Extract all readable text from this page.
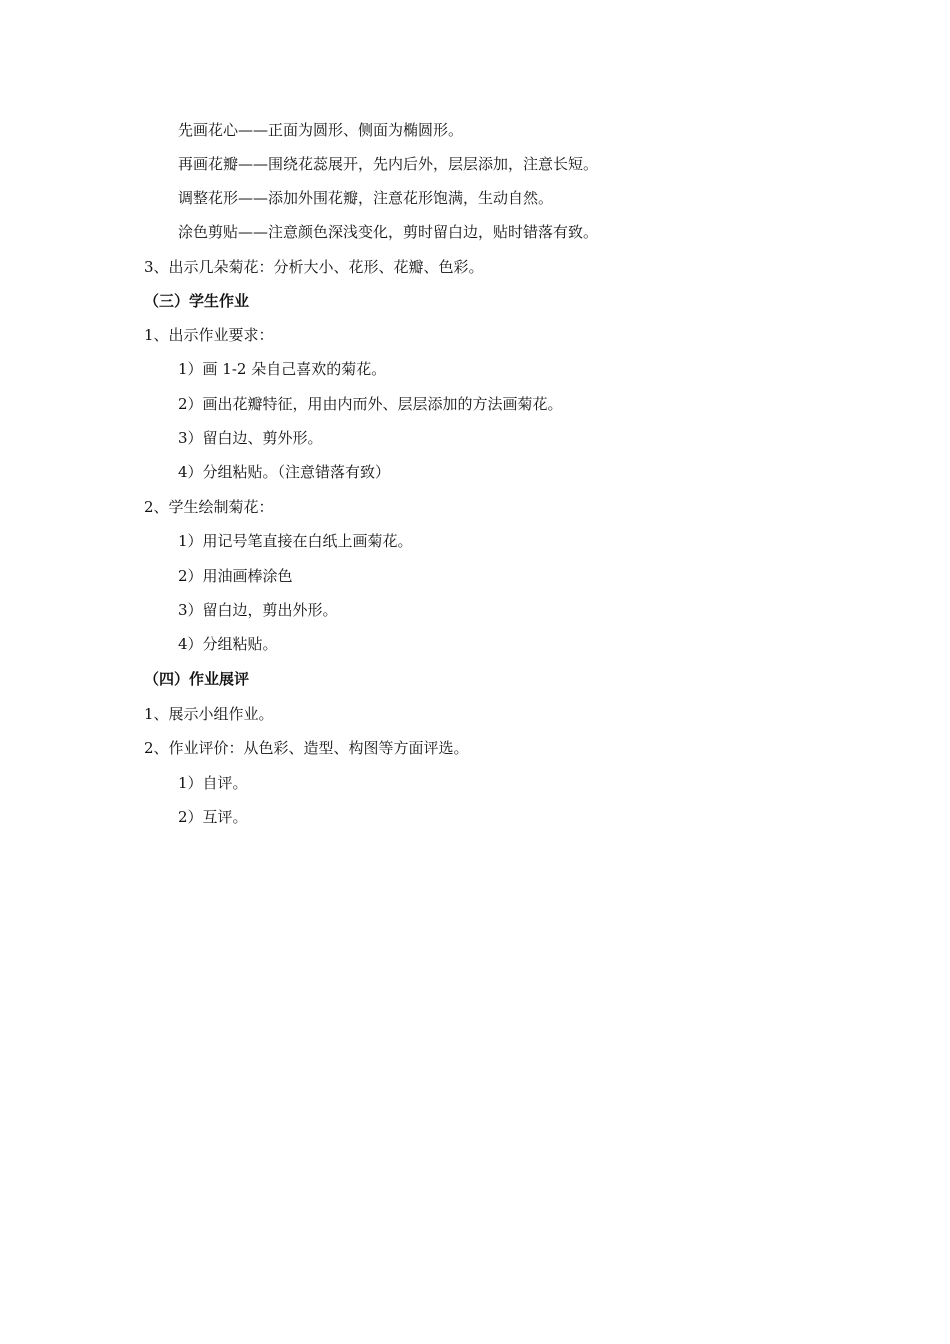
先画花心——正面为圆形、侧面为椭圆形。
再画花瓣——围绕花蕊展开，先内后外，层层添加，注意长短。
调整花形——添加外围花瓣，注意花形饱满，生动自然。
涂色剪贴——注意颜色深浅变化，剪时留白边，贴时错落有致。
3、出示几朵菊花：分析大小、花形、花瓣、色彩。
（三）学生作业
1、出示作业要求：
1）画 1-2 朵自己喜欢的菊花。
2）画出花瓣特征，用由内而外、层层添加的方法画菊花。
3）留白边、剪外形。
4）分组粘贴。（注意错落有致）
2、学生绘制菊花：
1）用记号笔直接在白纸上画菊花。
2）用油画棒涂色
3）留白边，剪出外形。
4）分组粘贴。
（四）作业展评
1、展示小组作业。
2、作业评价：从色彩、造型、构图等方面评选。
1）自评。
2）互评。
